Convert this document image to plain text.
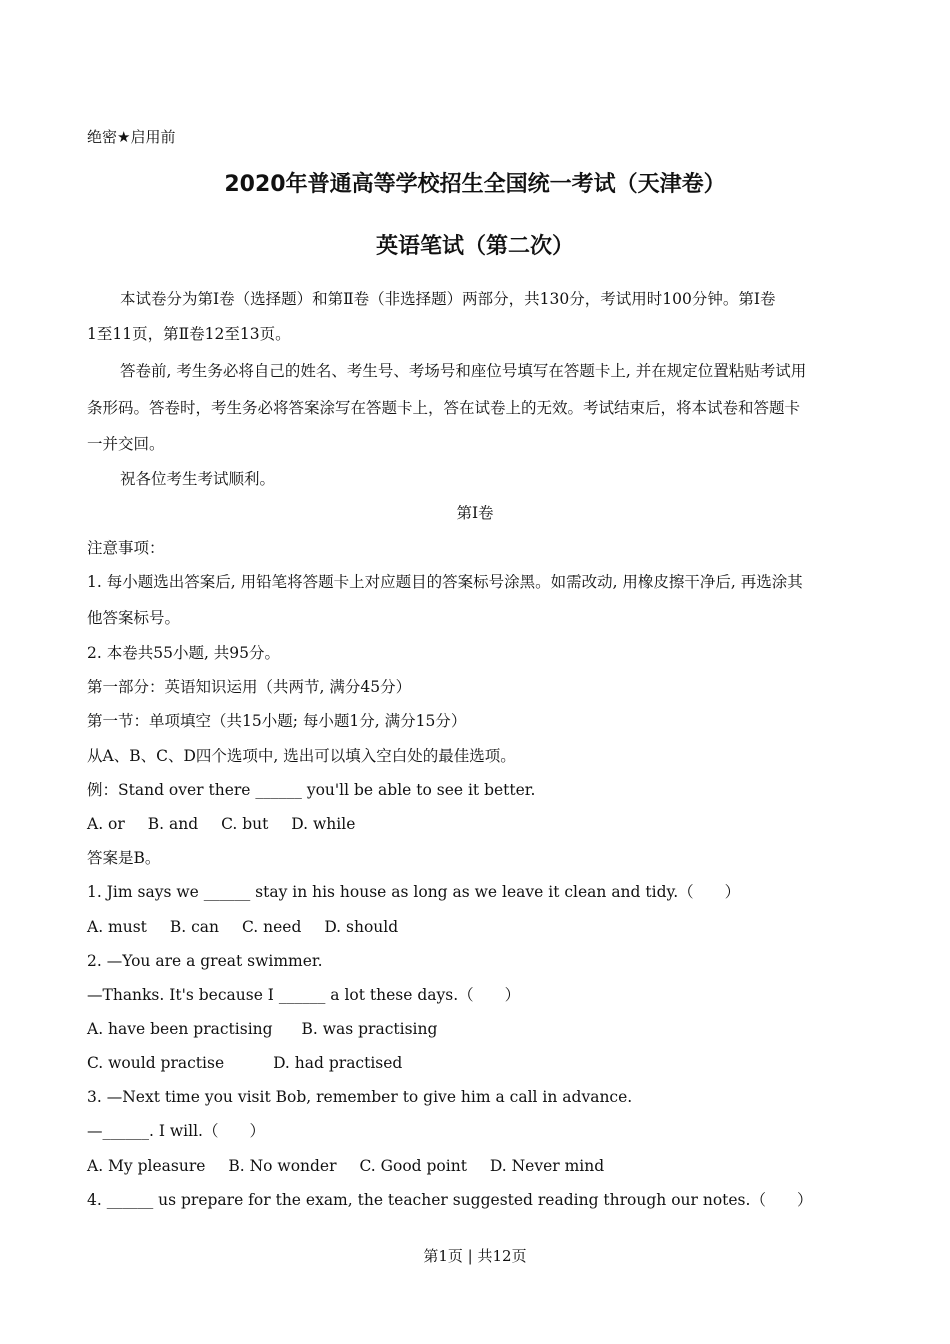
绝密★启用前
2020年普通高等学校招生全国统一考试（天津卷）
英语笔试（第二次）
本试卷分为第Ⅰ卷（选择题）和第Ⅱ卷（非选择题）两部分，共130分，考试用时100分钟。第Ⅰ卷
1至11页，第Ⅱ卷12至13页。
答卷前, 考生务必将自己的姓名、考生号、考场号和座位号填写在答题卡上, 并在规定位置粘贴考试用
条形码。答卷时，考生务必将答案涂写在答题卡上，答在试卷上的无效。考试结束后，将本试卷和答题卡
一并交回。
祝各位考生考试顺利。
第Ⅰ卷
注意事项：
1. 每小题选出答案后, 用铅笔将答题卡上对应题目的答案标号涂黑。如需改动, 用橡皮擦干净后, 再选涂其
他答案标号。
2. 本卷共55小题, 共95分。
第一部分：英语知识运用（共两节, 满分45分）
第一节：单项填空（共15小题; 每小题1分, 满分15分）
从A、B、C、D四个选项中, 选出可以填入空白处的最佳选项。
例：Stand over there ______ you'll be able to see it better.
A. or B. and C. but D. while
答案是B。
1. Jim says we ______ stay in his house as long as we leave it clean and tidy.（　　）
A. must B. can C. need D. should
2. —You are a great swimmer.
—Thanks. It's because I ______ a lot these days.（　　）
A. have been practising B. was practising
C. would practise	D. had practised
3. —Next time you visit Bob, remember to give him a call in advance.
—______. I will.（　　）
A. My pleasure B. No wonder C. Good point D. Never mind
4. ______ us prepare for the exam, the teacher suggested reading through our notes.（　　）
第1页 | 共12页
